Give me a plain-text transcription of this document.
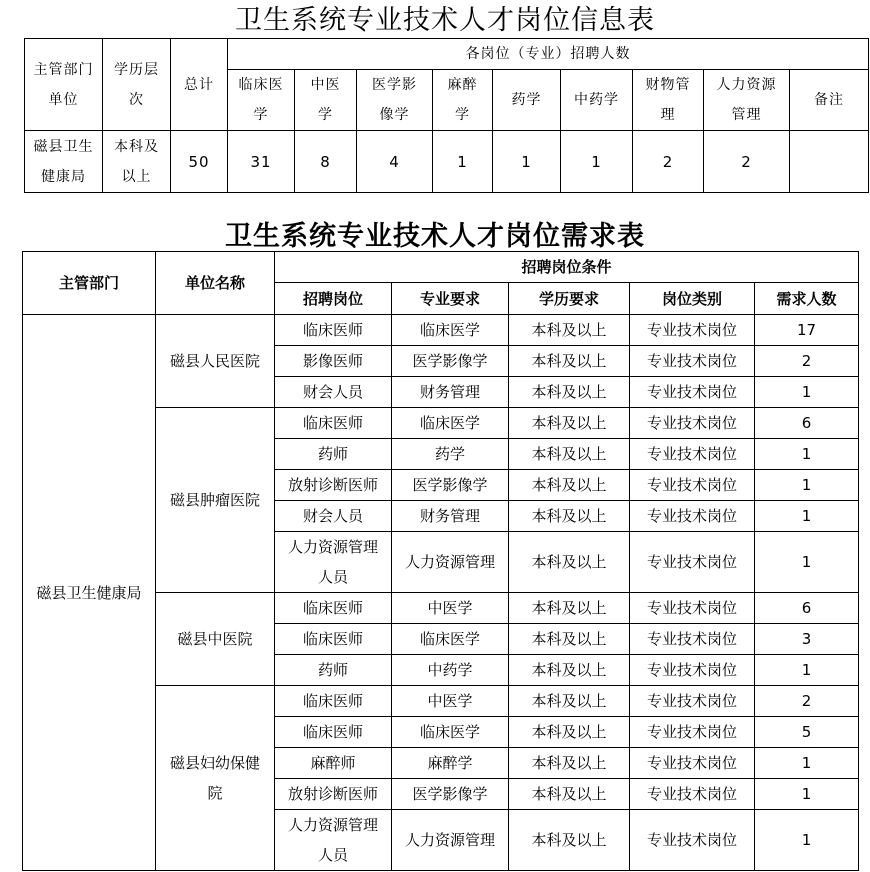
卫生系统专业技术人才岗位信息表
主管部门单位	学历层次	总计	各岗位（专业）招聘人数								
			临床医学	中医学	医学影像学	麻醉学	药学	中药学	财物管理	人力资源管理	备注
磁县卫生健康局	本科及以上	50	31	8	4	1	1	1	2	2	
卫生系统专业技术人才岗位需求表
主管部门	单位名称	招聘岗位条件				
		招聘岗位	专业要求	学历要求	岗位类别	需求人数
磁县卫生健康局	磁县人民医院	临床医师	临床医学	本科及以上	专业技术岗位	17
		影像医师	医学影像学	本科及以上	专业技术岗位	2
		财会人员	财务管理	本科及以上	专业技术岗位	1
	磁县肿瘤医院	临床医师	临床医学	本科及以上	专业技术岗位	6
		药师	药学	本科及以上	专业技术岗位	1
		放射诊断医师	医学影像学	本科及以上	专业技术岗位	1
		财会人员	财务管理	本科及以上	专业技术岗位	1
		人力资源管理人员	人力资源管理	本科及以上	专业技术岗位	1
	磁县中医院	临床医师	中医学	本科及以上	专业技术岗位	6
		临床医师	临床医学	本科及以上	专业技术岗位	3
		药师	中药学	本科及以上	专业技术岗位	1
	磁县妇幼保健院	临床医师	中医学	本科及以上	专业技术岗位	2
		临床医师	临床医学	本科及以上	专业技术岗位	5
		麻醉师	麻醉学	本科及以上	专业技术岗位	1
		放射诊断医师	医学影像学	本科及以上	专业技术岗位	1
		人力资源管理人员	人力资源管理	本科及以上	专业技术岗位	1
